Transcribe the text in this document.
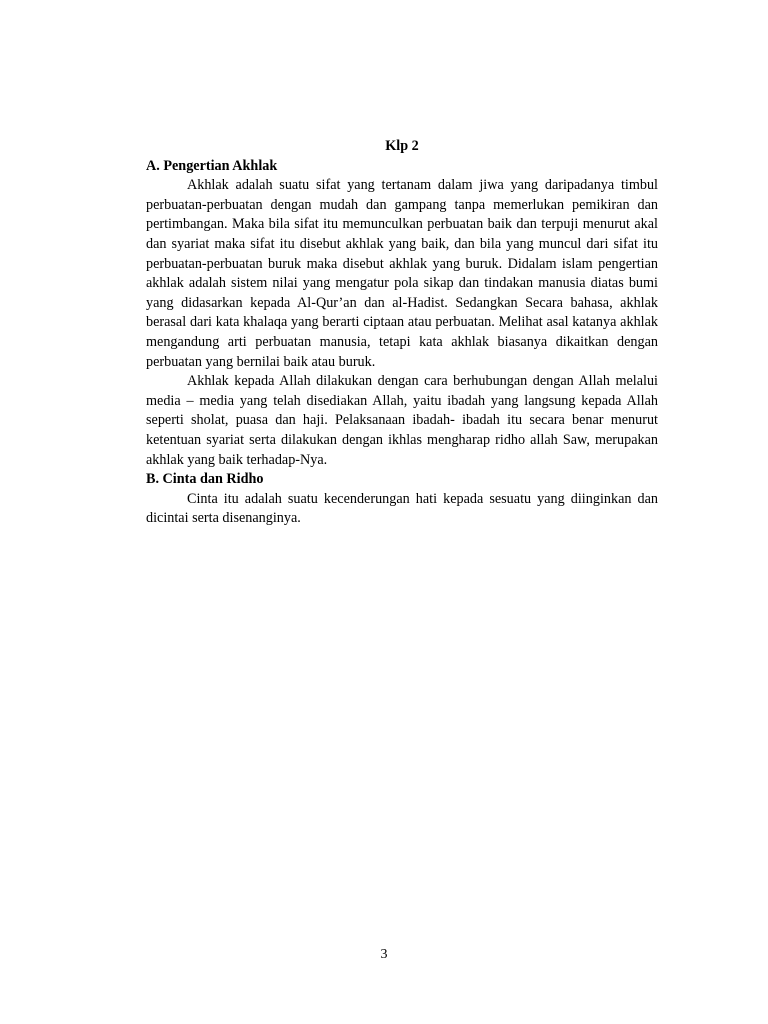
Klp 2

A. Pengertian Akhlak

Akhlak adalah suatu sifat yang tertanam dalam jiwa yang daripadanya timbul perbuatan-perbuatan dengan mudah dan gampang tanpa memerlukan pemikiran dan pertimbangan. Maka bila sifat itu memunculkan perbuatan baik dan terpuji menurut akal dan syariat maka sifat itu disebut akhlak yang baik, dan bila yang muncul dari sifat itu perbuatan-perbuatan buruk maka disebut akhlak yang buruk. Didalam islam pengertian akhlak adalah sistem nilai yang mengatur pola sikap dan tindakan manusia diatas bumi yang didasarkan kepada Al-Qur’an dan al-Hadist. Sedangkan Secara bahasa, akhlak berasal dari kata khalaqa yang berarti ciptaan atau perbuatan. Melihat asal katanya akhlak mengandung arti perbuatan manusia, tetapi kata akhlak biasanya dikaitkan dengan perbuatan yang bernilai baik atau buruk.

Akhlak kepada Allah dilakukan dengan cara berhubungan dengan Allah melalui media – media yang telah disediakan Allah, yaitu ibadah yang langsung kepada Allah seperti sholat, puasa dan haji. Pelaksanaan ibadah- ibadah itu secara benar menurut ketentuan syariat serta dilakukan dengan ikhlas mengharap ridho allah Saw, merupakan akhlak yang baik terhadap-Nya.

B. Cinta dan Ridho

Cinta itu adalah suatu kecenderungan hati kepada sesuatu yang diinginkan dan dicintai serta disenanginya.

3
